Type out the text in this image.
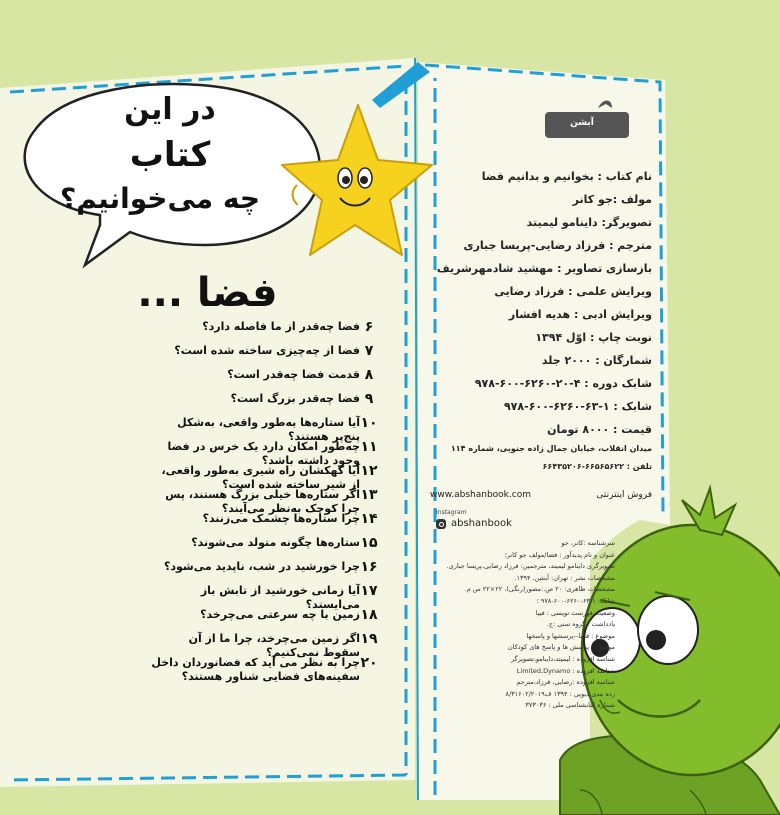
در این
کتاب
چه می‌خوانیم؟
آبشن
فضا ...
۶
فضا چه‌قدر از ما فاصله دارد؟
۷
فضا از چه‌چیزی ساخته شده است؟
۸
قدمت فضا چه‌قدر است؟
۹
فضا چه‌قدر بزرگ است؟
۱۰
آیا ستاره‌ها به‌طور واقعی، به‌شکل پنج‌پر هستند؟
۱۱
چه‌طور امکان دارد یک خرس در فضا وجود داشته باشد؟
۱۲
آیا کهکشان راه شیری به‌طور واقعی، از شیر ساخته شده است؟
۱۳
اگر ستاره‌ها خیلی بزرگ هستند، پس چرا کوچک به‌نظر می‌آیند؟
۱۴
چرا ستاره‌ها چشمک می‌زنند؟
۱۵
ستاره‌ها چگونه متولد می‌شوند؟
۱۶
چرا خورشید در شب، ناپدید می‌شود؟
۱۷
آیا زمانی خورشید از تابش باز می‌ایستد؟
۱۸
زمین با چه سرعتی می‌چرخد؟
۱۹
اگر زمین می‌چرخد، چرا ما از آن سقوط نمی‌کنیم؟
۲۰
چرا به نظر می آید که فضانوردان داخل سفینه‌های فضایی شناور هستند؟
نام کتاب : بخوانیم و بدانیم فضا
مولف :جو کانر
تصویرگر: داینامو لیمیتد
مترجم : فرزاد رضایی-پریسا جباری
بازسازی تصاویر : مهشید شادمهرشریف
ویرایش علمی : فرزاد رضایی
ویرایش ادبی : هدیه افشار
نوبت چاپ : اوّل ۱۳۹۴
شمارگان : ۲۰۰۰ جلد
شابک دوره : ۴-۲۰-۶۲۶۰-۶۰۰-۹۷۸
شابک : ۱-۶۳-۶۲۶۰-۶۰۰-۹۷۸
قیمت : ۸۰۰۰ تومان
میدان انقلاب، خیابان جمال زاده جنوبی، شماره ۱۱۴
تلفن : ۶۶۵۶۵۶۲۲-۶۶۴۳۵۲۰۶
فروش اینترنتی
www.abshanbook.com
Instagram
abshanbook
سرشناسه :کانر، جو
عنوان و نام پدیدآور : فضا/مولف جو کانر؛
تصویرگری داینامو لیمیتد، مترجمین: فرزاد رضایی،پریسا جباری.
مشخصات نشر : تهران: آبشن، ۱۳۹۴.
مشخصات ظاهری: ۲۰ ص.:مصور(رنگی)، ۲۲×۲۲ س م.
شابک: ۱-۶۳-۶۲۶۰-۶۰۰-۹۷۸ ؛
وضعیت فهرست نویسی : فیپا
یادداشت : گروه سنی :ج.
موضوع : فضا--پرسشها و پاسخها
موضوع : پرسش ها و پاسخ های کودکان
شناسه افزوده : لیمیتد،داینامو،تصویرگر
شناسه افزوده : Limited,Dynamo
شناسه افزوده :رضایی، فرزاد،مترجم
رده بندی دیویی : ۱۳۹۴ ف۸/۳۱۶۰۲/۲۰۱۹
شماره کتابشناسی ملی : ۳۷۳۰۳۶
